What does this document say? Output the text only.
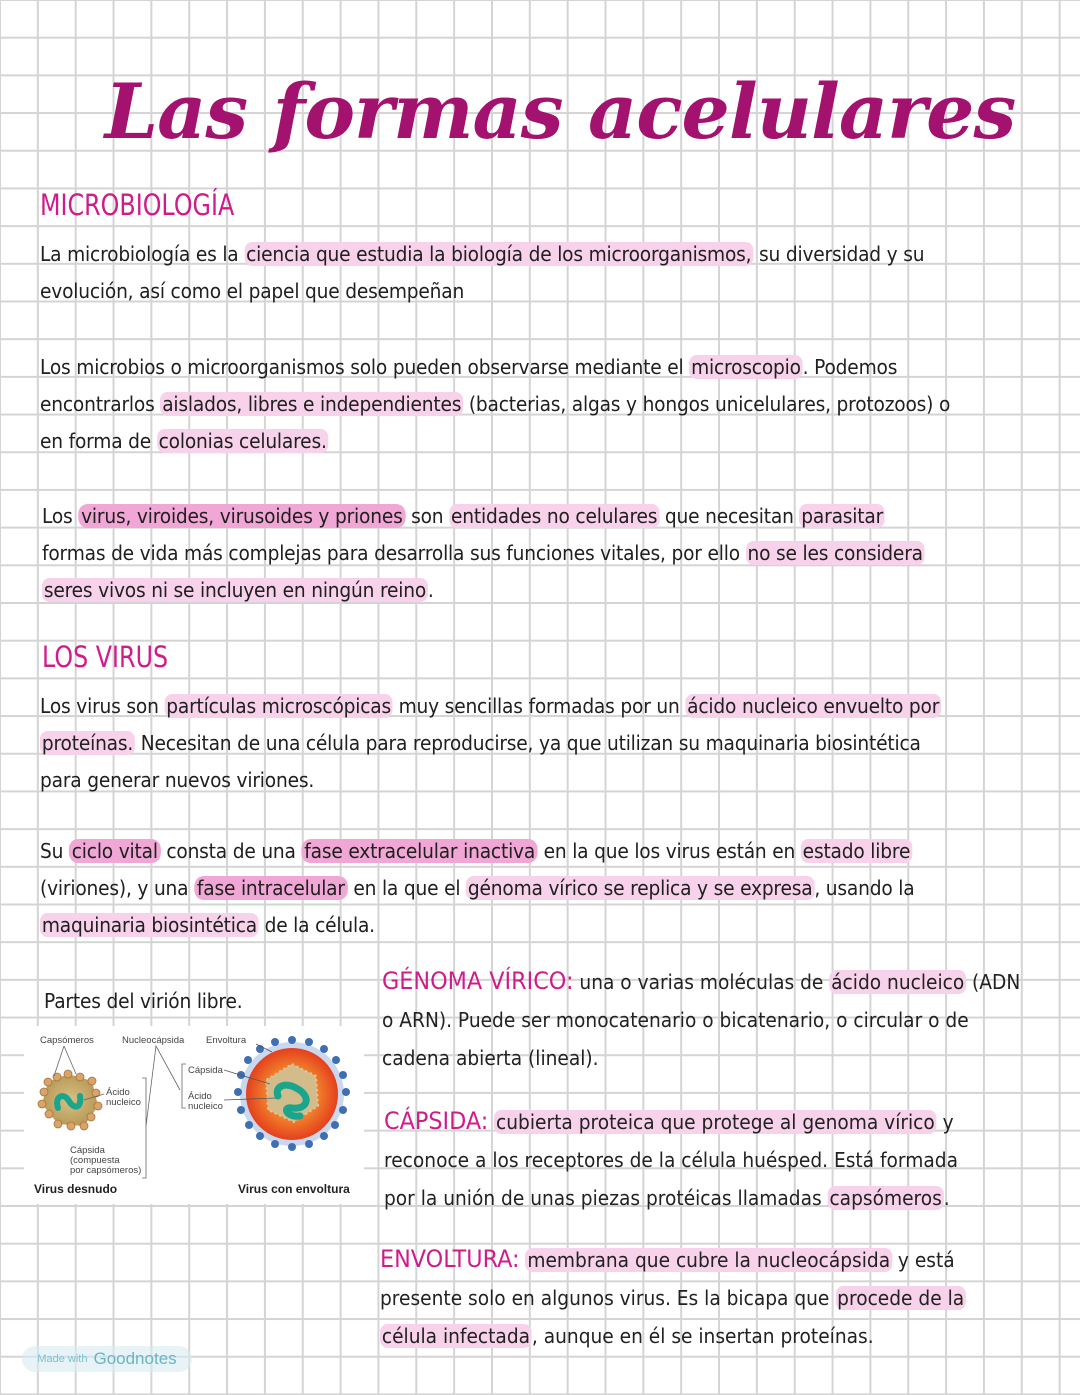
Las formas acelulares
MICROBIOLOGÍA

La microbiología es la ciencia que estudia la biología de los microorganismos, su diversidad y su

evolución, así como el papel que desempeñan

Los microbios o microorganismos solo pueden observarse mediante el microscopio. Podemos

encontrarlos aislados, libres e independientes (bacterias, algas y hongos unicelulares, protozoos) o

en forma de colonias celulares.

Los virus, viroides, virusoides y priones son entidades no celulares que necesitan parasitar

formas de vida más complejas para desarrolla sus funciones vitales, por ello no se les considera

seres vivos ni se incluyen en ningún reino.

LOS VIRUS

Los virus son partículas microscópicas muy sencillas formadas por un ácido nucleico envuelto por

proteínas. Necesitan de una célula para reproducirse, ya que utilizan su maquinaria biosintética

para generar nuevos viriones.

Su ciclo vital consta de una fase extracelular inactiva en la que los virus están en estado libre

(viriones), y una fase intracelular en la que el génoma vírico se replica y se expresa, usando la

maquinaria biosintética de la célula.

Partes del virión libre.

Capsómeros	Nucleocápsida Envoltura
Ácido
nucleico
Cápsida
(compuesta
por capsómeros)
Cápsida
Ácido
nucleico
Virus desnudo	Virus con envoltura

GÉNOMA VÍRICO: una o varias moléculas de ácido nucleico (ADN

o ARN). Puede ser monocatenario o bicatenario, o circular o de

cadena abierta (lineal).

CÁPSIDA: cubierta proteica que protege al genoma vírico y

reconoce a los receptores de la célula huésped. Está formada

por la unión de unas piezas protéicas llamadas capsómeros.

ENVOLTURA: membrana que cubre la nucleocápsida y está

presente solo en algunos virus. Es la bicapa que procede de la

célula infectada, aunque en él se insertan proteínas.

Made with Goodnotes
